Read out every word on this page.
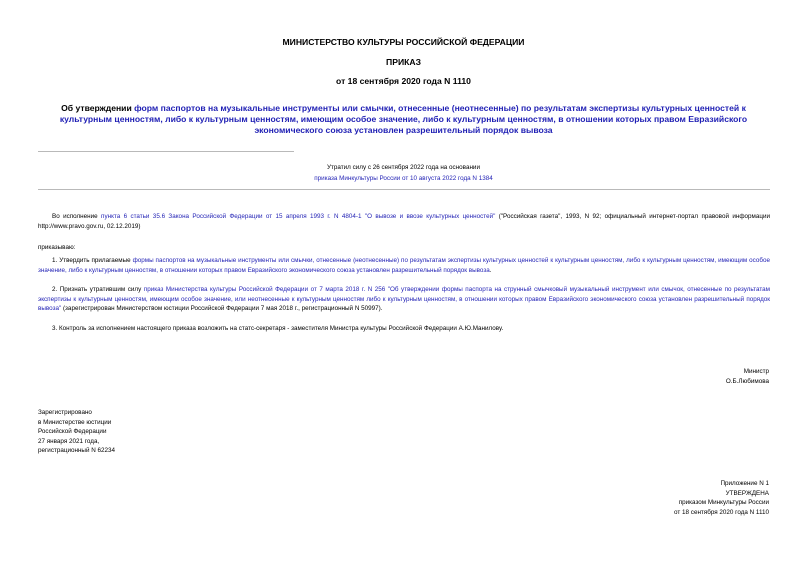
МИНИСТЕРСТВО КУЛЬТУРЫ РОССИЙСКОЙ ФЕДЕРАЦИИ
ПРИКАЗ
от 18 сентября 2020 года N 1110
Об утверждении форм паспортов на музыкальные инструменты или смычки, отнесенные (неотнесенные) по результатам экспертизы культурных ценностей к культурным ценностям, либо к культурным ценностям, имеющим особое значение, либо к культурным ценностям, в отношении которых правом Евразийского экономического союза установлен разрешительный порядок вывоза
Утратил силу с 26 сентября 2022 года на основании
приказа Минкультуры России от 10 августа 2022 года N 1384
Во исполнение пункта 6 статьи 35.6 Закона Российской Федерации от 15 апреля 1993 г. N 4804-1 "О вывозе и ввозе культурных ценностей" ("Российская газета", 1993, N 92; официальный интернет-портал правовой информации http://www.pravo.gov.ru, 02.12.2019)
приказываю:
1. Утвердить прилагаемые формы паспортов на музыкальные инструменты или смычки, отнесенные (неотнесенные) по результатам экспертизы культурных ценностей к культурным ценностям, либо к культурным ценностям, имеющим особое значение, либо к культурным ценностям, в отношении которых правом Евразийского экономического союза установлен разрешительный порядок вывоза.
2. Признать утратившим силу приказ Министерства культуры Российской Федерации от 7 марта 2018 г. N 256 "Об утверждении формы паспорта на струнный смычковый музыкальный инструмент или смычок, отнесенные по результатам экспертизы к культурным ценностям, имеющим особое значение, или неотнесенные к культурным ценностям либо к культурным ценностям, в отношении которых правом Евразийского экономического союза установлен разрешительный порядок вывоза" (зарегистрирован Министерством юстиции Российской Федерации 7 мая 2018 г., регистрационный N 50997).
3. Контроль за исполнением настоящего приказа возложить на статс-секретаря - заместителя Министра культуры Российской Федерации А.Ю.Манилову.
Министр
О.Б.Любимова
Зарегистрировано
в Министерстве юстиции
Российской Федерации
27 января 2021 года,
регистрационный N 62234
Приложение N 1
УТВЕРЖДЕНА
приказом Минкультуры России
от 18 сентября 2020 года N 1110
